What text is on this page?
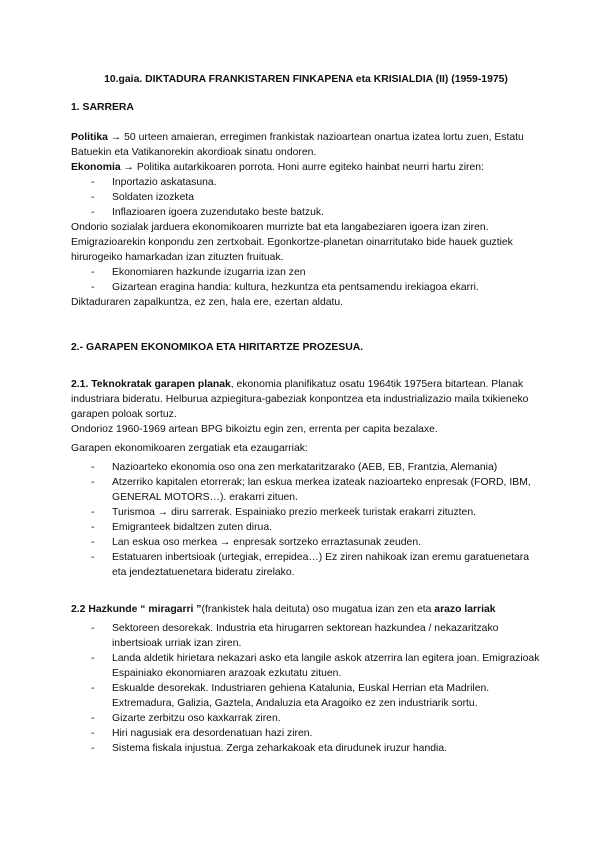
10.gaia. DIKTADURA FRANKISTAREN FINKAPENA eta KRISIALDIA (II) (1959-1975)
1. SARRERA

Politika → 50 urteen amaieran, erregimen frankistak nazioartean onartua izatea lortu zuen, Estatu Batuekin eta Vatikanorekin akordioak sinatu ondoren.

Ekonomia → Politika autarkikoaren porrota. Honi aurre egiteko hainbat neurri hartu ziren:

- Inportazio askatasuna.
- Soldaten izozketa
- Inflazioaren igoera zuzendutako beste batzuk.

Ondorio sozialak jarduera ekonomikoaren murrizte bat eta langabeziaren igoera izan ziren. Emigrazioarekin konpondu zen zertxobait. Egonkortze-planetan oinarritutako bide hauek guztiek hirurogeiko hamarkadan izan zituzten fruituak.

- Ekonomiaren hazkunde izugarria izan zen
- Gizartean eragina handia: kultura, hezkuntza eta pentsamendu irekiagoa ekarri.

Diktaduraren zapalkuntza, ez zen, hala ere, ezertan aldatu.

2.- GARAPEN EKONOMIKOA ETA HIRITARTZE PROZESUA.

2.1. Teknokratak garapen planak, ekonomia planifikatuz osatu 1964tik 1975era bitartean. Planak industriara bideratu. Helburua azpiegitura-gabeziak konpontzea eta industrializazio maila txikieneko garapen poloak sortuz.

Ondorioz 1960-1969 artean BPG bikoiztu egin zen, errenta per capita bezalaxe.

Garapen ekonomikoaren zergatiak eta ezaugarriak:

- Nazioarteko ekonomia oso ona zen merkataritzarako (AEB, EB, Frantzia, Alemania)
- Atzerriko kapitalen etorrerak; lan eskua merkea izateak nazioarteko enpresak (FORD, IBM, GENERAL MOTORS…). erakarri zituen.
- Turismoa → diru sarrerak. Espainiako prezio merkeek turistak erakarri zituzten.
- Emigranteek bidaltzen zuten dirua.
- Lan eskua oso merkea → enpresak sortzeko erraztasunak zeuden.
- Estatuaren inbertsioak (urtegiak, errepidea…) Ez ziren nahikoak izan eremu garatuenetara eta jendeztatuenetara bideratu zirelako.

2.2 Hazkunde “ miragarri ”(frankistek hala deituta) oso mugatua izan zen eta arazo larriak

- Sektoreen desorekak. Industria eta hirugarren sektorean hazkundea / nekazaritzako inbertsioak urriak izan ziren.
- Landa aldetik hirietara nekazari asko eta langile askok atzerrira lan egitera joan. Emigrazioak Espainiako ekonomiaren arazoak ezkutatu zituen.
- Eskualde desorekak. Industriaren gehiena Katalunia, Euskal Herrian eta Madrilen. Extremadura, Galizia, Gaztela, Andaluzia eta Aragoiko ez zen industriarik sortu.
- Gizarte zerbitzu oso kaxkarrak ziren.
- Hiri nagusiak era desordenatuan hazi ziren.
- Sistema fiskala injustua. Zerga zeharkakoak eta dirudunek iruzur handia.
